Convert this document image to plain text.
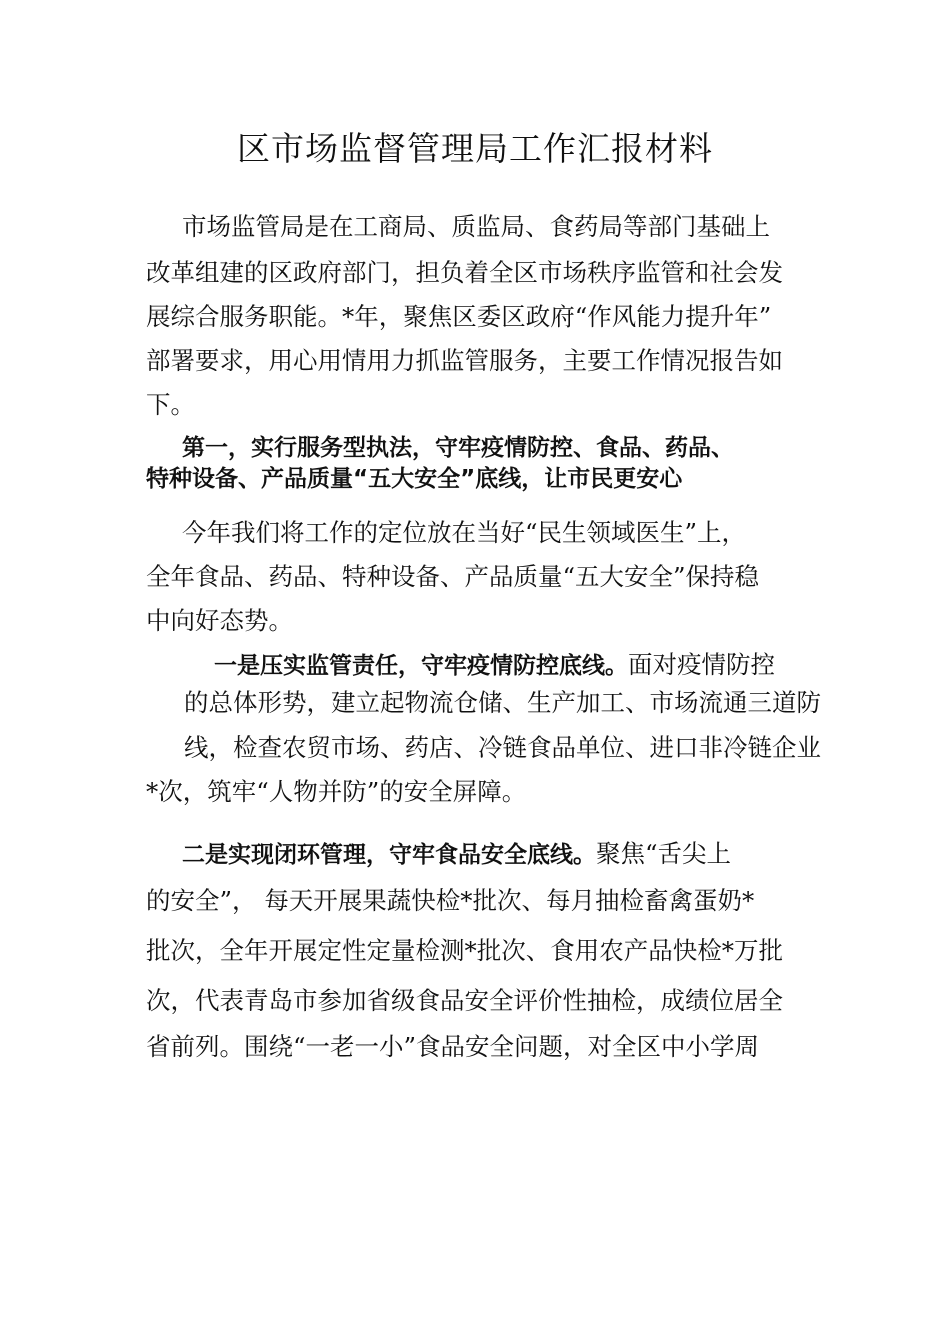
区市场监督管理局工作汇报材料
市场监管局是在工商局、质监局、食药局等部门基础上
改革组建的区政府部门，担负着全区市场秩序监管和社会发
展综合服务职能。*年，聚焦区委区政府“作风能力提升年”
部署要求，用心用情用力抓监管服务，主要工作情况报告如
下。
第一，实行服务型执法，守牢疫情防控、食品、药品、
特种设备、产品质量“五大安全”底线，让市民更安心
今年我们将工作的定位放在当好“民生领域医生”上，
全年食品、药品、特种设备、产品质量“五大安全”保持稳
中向好态势。
一是压实监管责任，守牢疫情防控底线。面对疫情防控
的总体形势，建立起物流仓储、生产加工、市场流通三道防
线，检查农贸市场、药店、冷链食品单位、进口非冷链企业
*次，筑牢“人物并防”的安全屏障。
二是实现闭环管理，守牢食品安全底线。聚焦“舌尖上
的安全”， 每天开展果蔬快检*批次、每月抽检畜禽蛋奶*
批次，全年开展定性定量检测*批次、食用农产品快检*万批
次，代表青岛市参加省级食品安全评价性抽检，成绩位居全
省前列。围绕“一老一小”食品安全问题，对全区中小学周
